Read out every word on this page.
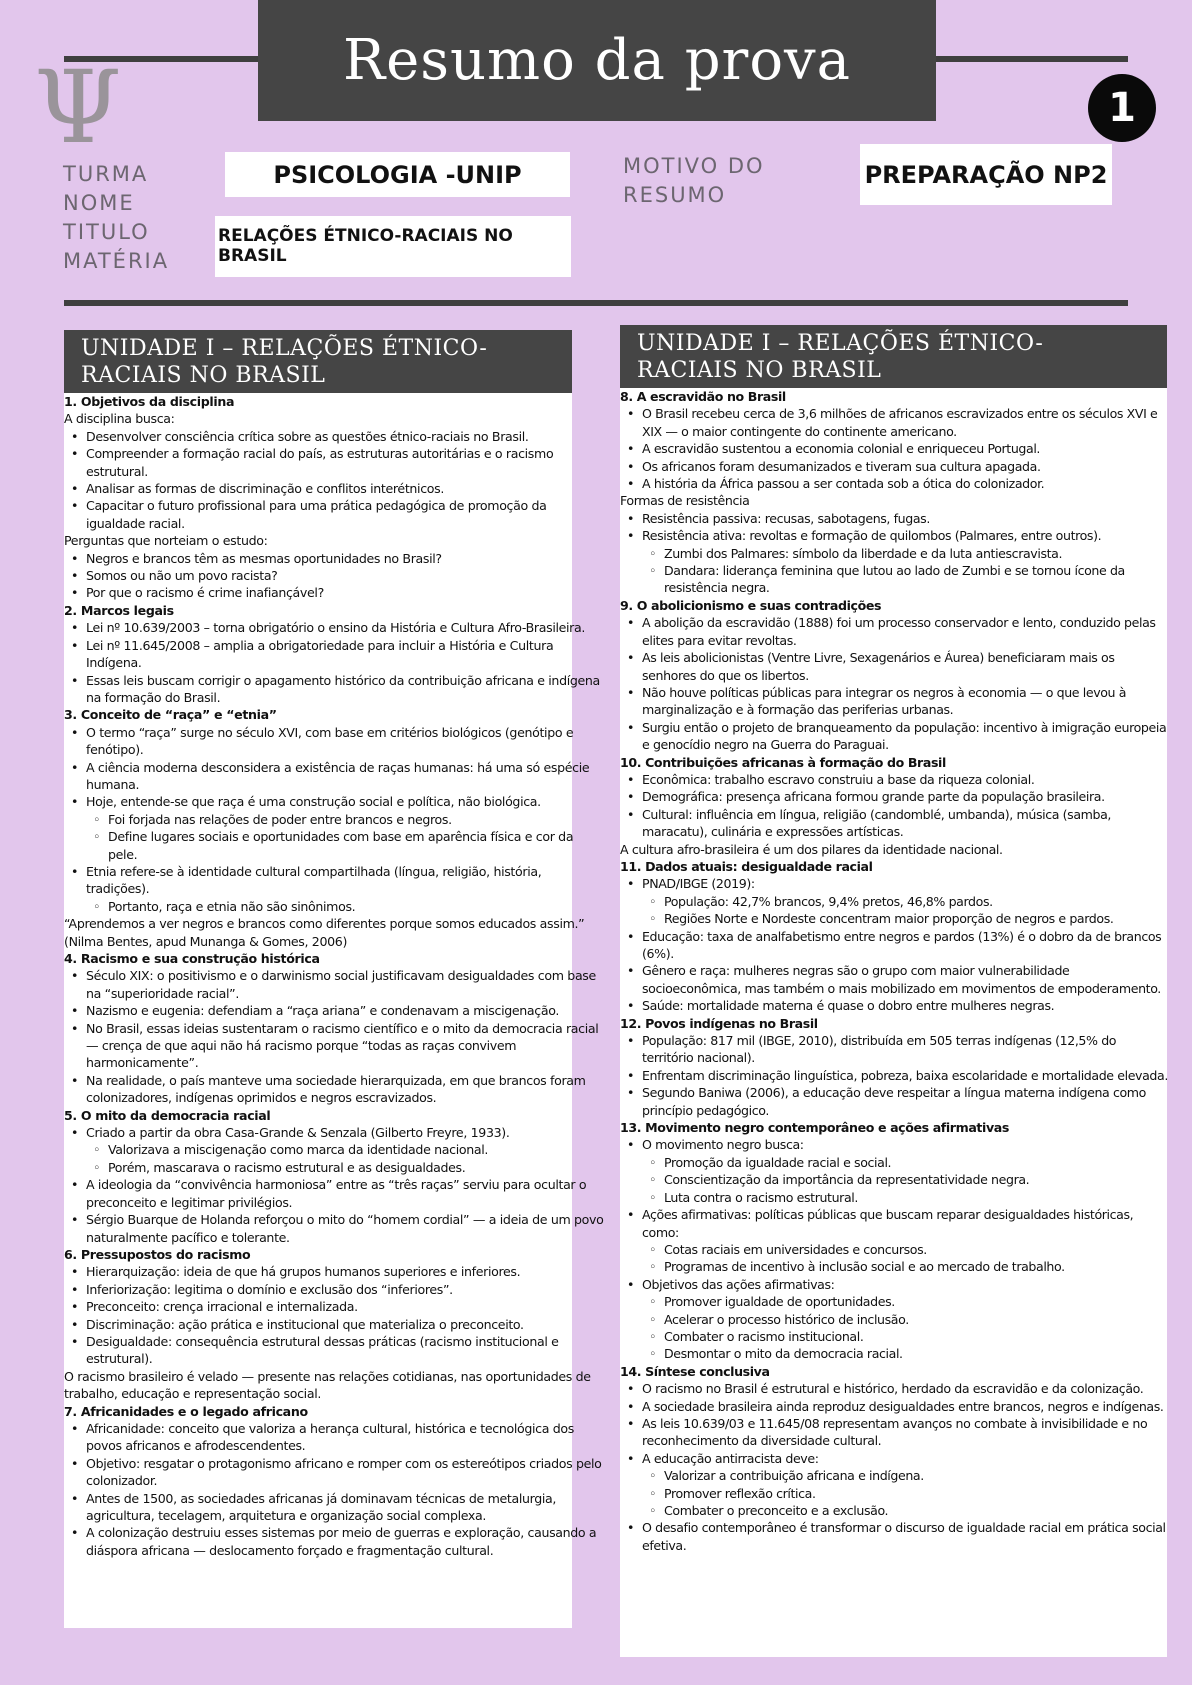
Resumo da prova
Ψ	1
TURMA
NOME
TITULO
MATÉRIA
MOTIVO DO
RESUMO
PSICOLOGIA -UNIP
RELAÇÕES ÉTNICO-RACIAIS NO BRASIL
PREPARAÇÃO NP2
UNIDADE I – RELAÇÕES ÉTNICO-
RACIAIS NO BRASIL
1. Objetivos da disciplina
A disciplina busca:
• Desenvolver consciência crítica sobre as questões étnico-raciais no Brasil.
• Compreender a formação racial do país, as estruturas autoritárias e o racismo estrutural.
• Analisar as formas de discriminação e conflitos interétnicos.
• Capacitar o futuro profissional para uma prática pedagógica de promoção da igualdade racial.
Perguntas que norteiam o estudo:
• Negros e brancos têm as mesmas oportunidades no Brasil?
• Somos ou não um povo racista?
• Por que o racismo é crime inafiançável?
2. Marcos legais
• Lei nº 10.639/2003 – torna obrigatório o ensino da História e Cultura Afro-Brasileira.
• Lei nº 11.645/2008 – amplia a obrigatoriedade para incluir a História e Cultura Indígena.
• Essas leis buscam corrigir o apagamento histórico da contribuição africana e indígena na formação do Brasil.
3. Conceito de “raça” e “etnia”
• O termo “raça” surge no século XVI, com base em critérios biológicos (genótipo e fenótipo).
• A ciência moderna desconsidera a existência de raças humanas: há uma só espécie humana.
• Hoje, entende-se que raça é uma construção social e política, não biológica.
◦ Foi forjada nas relações de poder entre brancos e negros.
◦ Define lugares sociais e oportunidades com base em aparência física e cor da pele.
• Etnia refere-se à identidade cultural compartilhada (língua, religião, história, tradições).
◦ Portanto, raça e etnia não são sinônimos.
“Aprendemos a ver negros e brancos como diferentes porque somos educados assim.”
(Nilma Bentes, apud Munanga & Gomes, 2006)
4. Racismo e sua construção histórica
• Século XIX: o positivismo e o darwinismo social justificavam desigualdades com base na “superioridade racial”.
• Nazismo e eugenia: defendiam a “raça ariana” e condenavam a miscigenação.
• No Brasil, essas ideias sustentaram o racismo científico e o mito da democracia racial — crença de que aqui não há racismo porque “todas as raças convivem harmonicamente”.
• Na realidade, o país manteve uma sociedade hierarquizada, em que brancos foram colonizadores, indígenas oprimidos e negros escravizados.
5. O mito da democracia racial
• Criado a partir da obra Casa-Grande & Senzala (Gilberto Freyre, 1933).
◦ Valorizava a miscigenação como marca da identidade nacional.
◦ Porém, mascarava o racismo estrutural e as desigualdades.
• A ideologia da “convivência harmoniosa” entre as “três raças” serviu para ocultar o preconceito e legitimar privilégios.
• Sérgio Buarque de Holanda reforçou o mito do “homem cordial” — a ideia de um povo naturalmente pacífico e tolerante.
6. Pressupostos do racismo
• Hierarquização: ideia de que há grupos humanos superiores e inferiores.
• Inferiorização: legitima o domínio e exclusão dos “inferiores”.
• Preconceito: crença irracional e internalizada.
• Discriminação: ação prática e institucional que materializa o preconceito.
• Desigualdade: consequência estrutural dessas práticas (racismo institucional e estrutural).
O racismo brasileiro é velado — presente nas relações cotidianas, nas oportunidades de trabalho, educação e representação social.
7. Africanidades e o legado africano
• Africanidade: conceito que valoriza a herança cultural, histórica e tecnológica dos povos africanos e afrodescendentes.
• Objetivo: resgatar o protagonismo africano e romper com os estereótipos criados pelo colonizador.
• Antes de 1500, as sociedades africanas já dominavam técnicas de metalurgia, agricultura, tecelagem, arquitetura e organização social complexa.
• A colonização destruiu esses sistemas por meio de guerras e exploração, causando a diáspora africana — deslocamento forçado e fragmentação cultural.
UNIDADE I – RELAÇÕES ÉTNICO-
RACIAIS NO BRASIL
8. A escravidão no Brasil
• O Brasil recebeu cerca de 3,6 milhões de africanos escravizados entre os séculos XVI e XIX — o maior contingente do continente americano.
• A escravidão sustentou a economia colonial e enriqueceu Portugal.
• Os africanos foram desumanizados e tiveram sua cultura apagada.
• A história da África passou a ser contada sob a ótica do colonizador.
Formas de resistência
• Resistência passiva: recusas, sabotagens, fugas.
• Resistência ativa: revoltas e formação de quilombos (Palmares, entre outros).
◦ Zumbi dos Palmares: símbolo da liberdade e da luta antiescravista.
◦ Dandara: liderança feminina que lutou ao lado de Zumbi e se tornou ícone da resistência negra.
9. O abolicionismo e suas contradições
• A abolição da escravidão (1888) foi um processo conservador e lento, conduzido pelas elites para evitar revoltas.
• As leis abolicionistas (Ventre Livre, Sexagenários e Áurea) beneficiaram mais os senhores do que os libertos.
• Não houve políticas públicas para integrar os negros à economia — o que levou à marginalização e à formação das periferias urbanas.
• Surgiu então o projeto de branqueamento da população: incentivo à imigração europeia e genocídio negro na Guerra do Paraguai.
10. Contribuições africanas à formação do Brasil
• Econômica: trabalho escravo construiu a base da riqueza colonial.
• Demográfica: presença africana formou grande parte da população brasileira.
• Cultural: influência em língua, religião (candomblé, umbanda), música (samba, maracatu), culinária e expressões artísticas.
A cultura afro-brasileira é um dos pilares da identidade nacional.
11. Dados atuais: desigualdade racial
• PNAD/IBGE (2019):
◦ População: 42,7% brancos, 9,4% pretos, 46,8% pardos.
◦ Regiões Norte e Nordeste concentram maior proporção de negros e pardos.
• Educação: taxa de analfabetismo entre negros e pardos (13%) é o dobro da de brancos (6%).
• Gênero e raça: mulheres negras são o grupo com maior vulnerabilidade socioeconômica, mas também o mais mobilizado em movimentos de empoderamento.
• Saúde: mortalidade materna é quase o dobro entre mulheres negras.
12. Povos indígenas no Brasil
• População: 817 mil (IBGE, 2010), distribuída em 505 terras indígenas (12,5% do território nacional).
• Enfrentam discriminação linguística, pobreza, baixa escolaridade e mortalidade elevada.
• Segundo Baniwa (2006), a educação deve respeitar a língua materna indígena como princípio pedagógico.
13. Movimento negro contemporâneo e ações afirmativas
• O movimento negro busca:
◦ Promoção da igualdade racial e social.
◦ Conscientização da importância da representatividade negra.
◦ Luta contra o racismo estrutural.
• Ações afirmativas: políticas públicas que buscam reparar desigualdades históricas, como:
◦ Cotas raciais em universidades e concursos.
◦ Programas de incentivo à inclusão social e ao mercado de trabalho.
• Objetivos das ações afirmativas:
◦ Promover igualdade de oportunidades.
◦ Acelerar o processo histórico de inclusão.
◦ Combater o racismo institucional.
◦ Desmontar o mito da democracia racial.
14. Síntese conclusiva
• O racismo no Brasil é estrutural e histórico, herdado da escravidão e da colonização.
• A sociedade brasileira ainda reproduz desigualdades entre brancos, negros e indígenas.
• As leis 10.639/03 e 11.645/08 representam avanços no combate à invisibilidade e no reconhecimento da diversidade cultural.
• A educação antirracista deve:
◦ Valorizar a contribuição africana e indígena.
◦ Promover reflexão crítica.
◦ Combater o preconceito e a exclusão.
• O desafio contemporâneo é transformar o discurso de igualdade racial em prática social efetiva.
